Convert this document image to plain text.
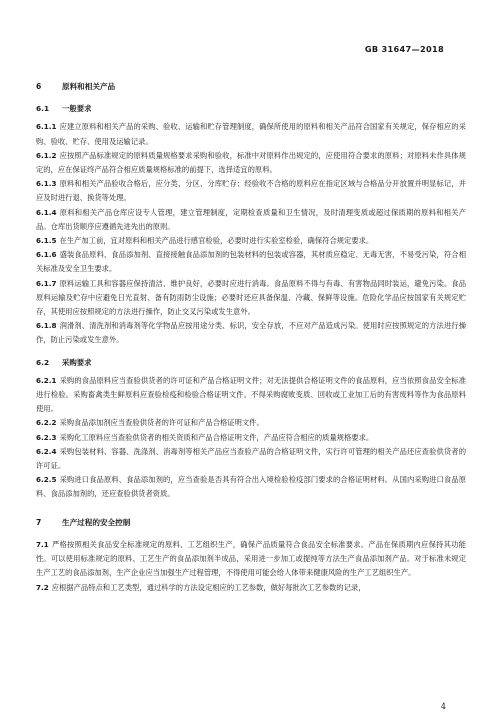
GB 31647—2018
6	原料和相关产品
6.1 一般要求

6.1.1 应建立原料和相关产品的采购、验收、运输和贮存管理制度，确保所使用的原料和相关产品符合国家有关规定，保存相应的采购、验收、贮存、使用及运输记录。

6.1.2 应按照产品标准规定的原料质量规格要求采购和验收，标准中对原料作出规定的，应使用符合要求的原料；对原料未作具体规定的，应在保证终产品符合相应质量规格标准的前提下，选择适宜的原料。

6.1.3 原料和相关产品验收合格后，应分类、分区、分库贮存；经验收不合格的原料应在指定区域与合格品分开放置并明显标记，并应及时进行退、换货等处理。

6.1.4 原料和相关产品仓库应设专人管理，建立管理制度，定期检查质量和卫生情况，及时清理变质或超过保质期的原料和相关产品。仓库出货顺序应遵循先进先出的原则。

6.1.5 在生产加工前，宜对原料和相关产品进行感官检验，必要时进行实验室检验，确保符合规定要求。

6.1.6 盛装食品原料、食品添加剂、直接接触食品添加剂的包装材料的包装或容器，其材质应稳定、无毒无害，不易受污染，符合相关标准及安全卫生要求。

6.1.7 原料运输工具和容器应保持清洁、维护良好，必要时应进行消毒。食品原料不得与有毒、有害物品同时装运，避免污染。食品原料运输及贮存中应避免日光直射、备有防雨防尘设施；必要时还应具备保温、冷藏、保鲜等设施。危险化学品应按国家有关规定贮存，其使用应按照规定的方法进行操作，防止交叉污染或发生意外。

6.1.8 润滑剂、清洗剂和消毒剂等化学物品应按用途分类、标识，安全存放，不应对产品造成污染。使用时应按照规定的方法进行操作，防止污染或发生意外。

6.2 采购要求

6.2.1 采购的食品原料应当查验供货者的许可证和产品合格证明文件；对无法提供合格证明文件的食品原料，应当依照食品安全标准进行检验。采购畜禽类生鲜原料应查验检疫和检验合格证明文件。不得采购腐败变质、回收或工业加工后的有害废料等作为食品原料使用。

6.2.2 采购食品添加剂应当查验供货者的许可证和产品合格证明文件。

6.2.3 采购化工原料应当查验供货者的相关资质和产品合格证明文件，产品应符合相应的质量规格要求。

6.2.4 采购包装材料、容器、洗涤剂、消毒剂等相关产品应当查验产品的合格证明文件，实行许可管理的相关产品还应查验供货者的许可证。

6.2.5 采购进口食品原料、食品添加剂的，应当查验是否具有符合出入境检验检疫部门要求的合格证明材料。从国内采购进口食品原料、食品添加剂的，还应查验供货者资质。

7	生产过程的安全控制

7.1 严格按照相关食品安全标准规定的原料、工艺组织生产，确保产品质量符合食品安全标准要求。产品在保质期内应保持其功能性。可以使用标准规定的原料、工艺生产的食品添加剂半成品，采用进一步加工或提纯等方法生产食品添加剂产品。对于标准未规定生产工艺的食品添加剂，生产企业应当加强生产过程管理，不得使用可能会给人体带来健康风险的生产工艺组织生产。

7.2 应根据产品特点和工艺类型，通过科学的方法设定相应的工艺参数，做好每批次工艺参数的记录，

4
